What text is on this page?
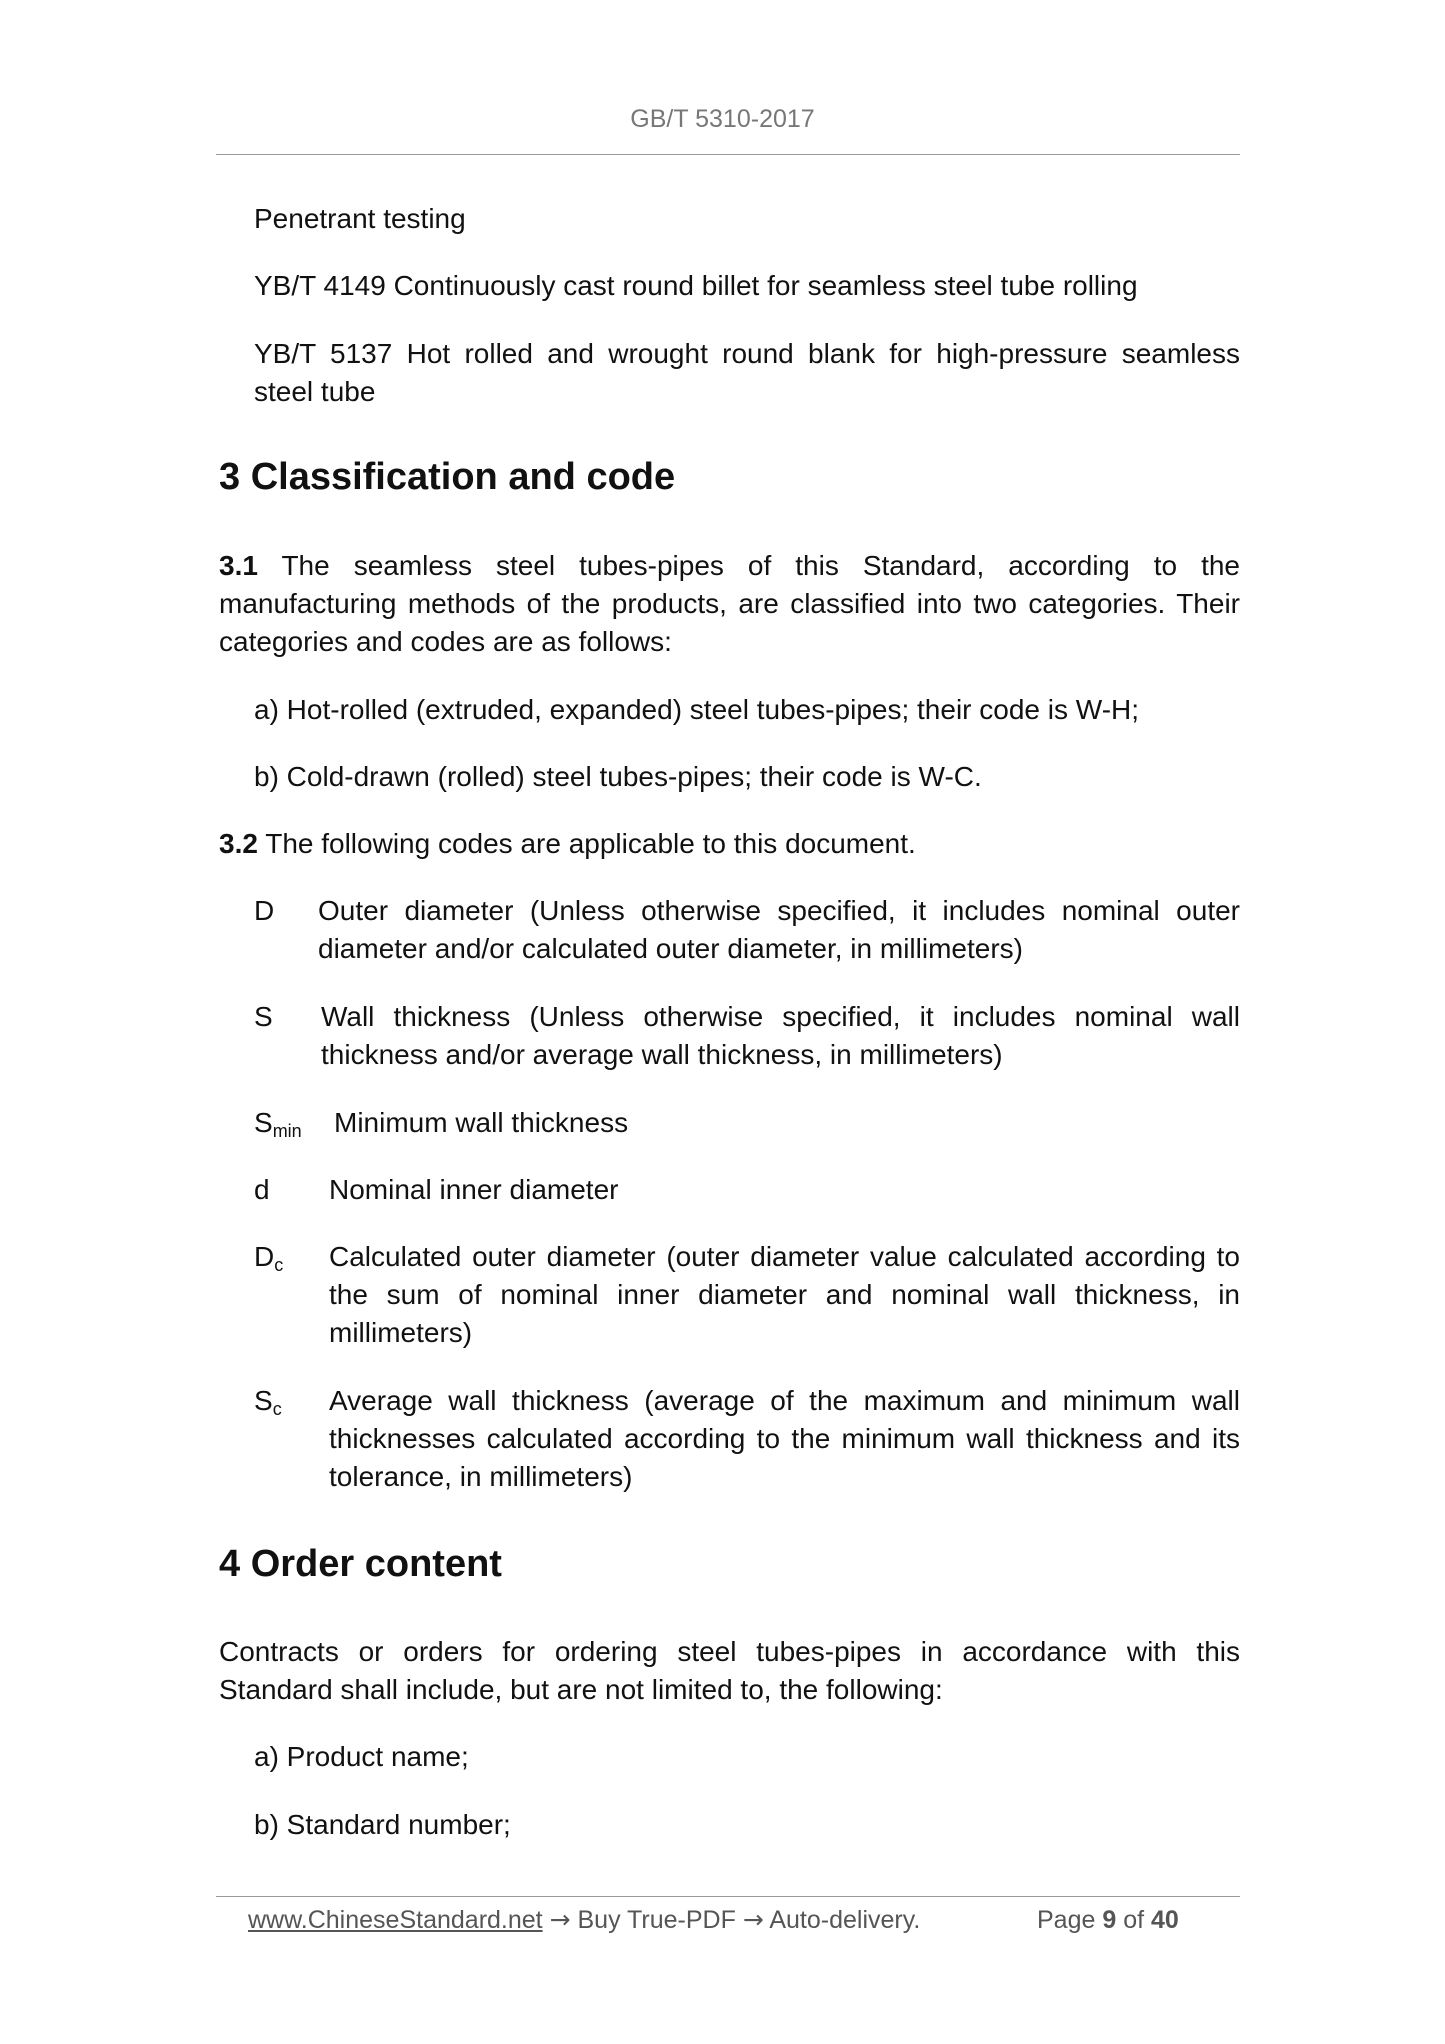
GB/T 5310-2017
Penetrant testing
YB/T 4149 Continuously cast round billet for seamless steel tube rolling
YB/T 5137 Hot rolled and wrought round blank for high-pressure seamless steel tube
3 Classification and code
3.1 The seamless steel tubes-pipes of this Standard, according to the manufacturing methods of the products, are classified into two categories. Their categories and codes are as follows:
a) Hot-rolled (extruded, expanded) steel tubes-pipes; their code is W-H;
b) Cold-drawn (rolled) steel tubes-pipes; their code is W-C.
3.2 The following codes are applicable to this document.
D Outer diameter (Unless otherwise specified, it includes nominal outer diameter and/or calculated outer diameter, in millimeters)
S Wall thickness (Unless otherwise specified, it includes nominal wall thickness and/or average wall thickness, in millimeters)
Smin Minimum wall thickness
d Nominal inner diameter
Dc Calculated outer diameter (outer diameter value calculated according to the sum of nominal inner diameter and nominal wall thickness, in millimeters)
Sc Average wall thickness (average of the maximum and minimum wall thicknesses calculated according to the minimum wall thickness and its tolerance, in millimeters)
4 Order content
Contracts or orders for ordering steel tubes-pipes in accordance with this Standard shall include, but are not limited to, the following:
a) Product name;
b) Standard number;
www.ChineseStandard.net → Buy True-PDF → Auto-delivery.	Page 9 of 40
